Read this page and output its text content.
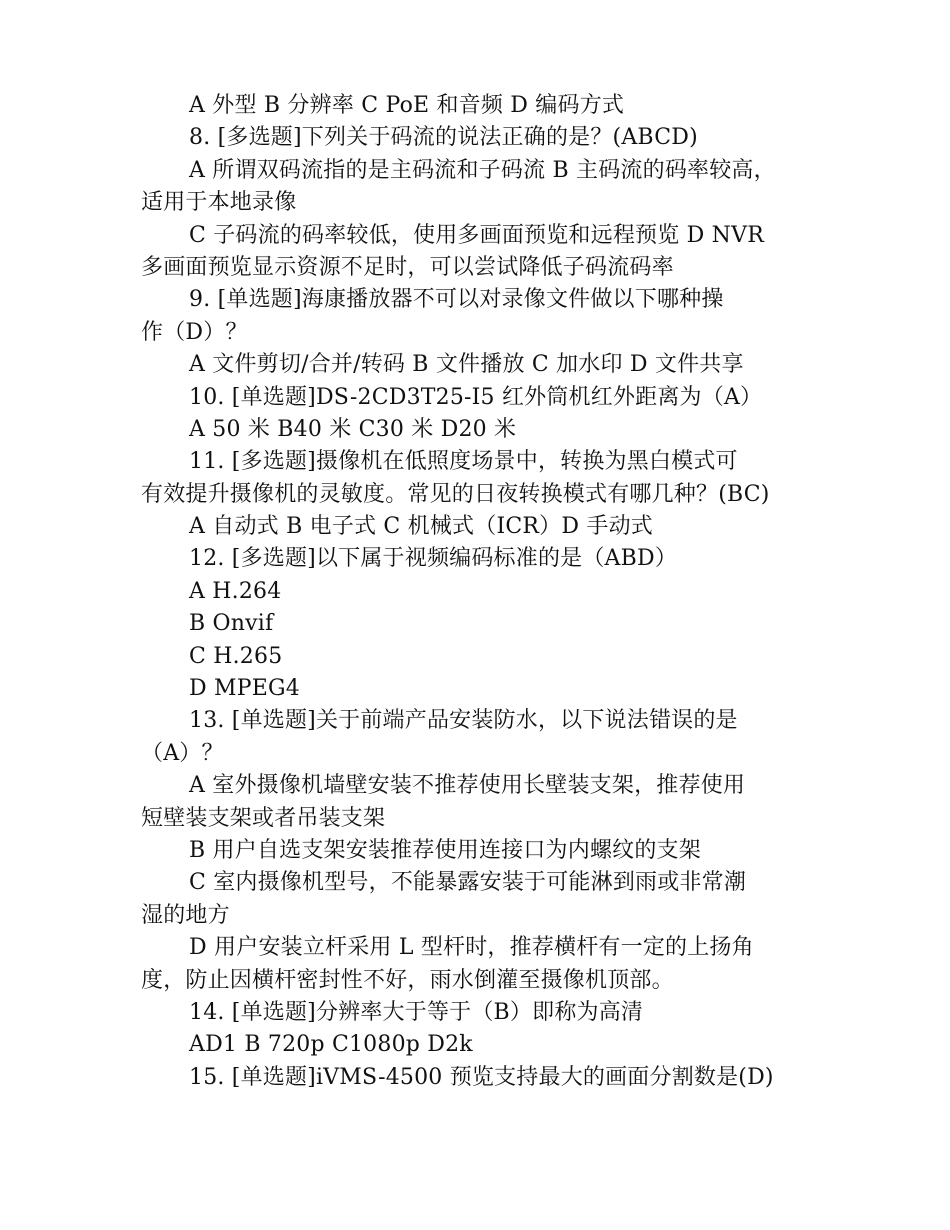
A 外型 B 分辨率 C PoE 和音频 D 编码方式
8. [多选题]下列关于码流的说法正确的是？(ABCD)
A 所谓双码流指的是主码流和子码流 B 主码流的码率较高，
适用于本地录像
C 子码流的码率较低，使用多画面预览和远程预览 D NVR
多画面预览显示资源不足时，可以尝试降低子码流码率
9. [单选题]海康播放器不可以对录像文件做以下哪种操
作（D）？
A 文件剪切/合并/转码 B 文件播放 C 加水印 D 文件共享
10. [单选题]DS-2CD3T25-I5 红外筒机红外距离为（A）
A 50 米 B40 米 C30 米 D20 米
11. [多选题]摄像机在低照度场景中，转换为黑白模式可
有效提升摄像机的灵敏度。常见的日夜转换模式有哪几种？(BC)
A 自动式 B 电子式 C 机械式（ICR）D 手动式
12. [多选题]以下属于视频编码标准的是（ABD）
A H.264
B Onvif
C H.265
D MPEG4
13. [单选题]关于前端产品安装防水，以下说法错误的是
（A）？
A 室外摄像机墙壁安装不推荐使用长壁装支架，推荐使用
短壁装支架或者吊装支架
B 用户自选支架安装推荐使用连接口为内螺纹的支架
C 室内摄像机型号，不能暴露安装于可能淋到雨或非常潮
湿的地方
D 用户安装立杆采用 L 型杆时，推荐横杆有一定的上扬角
度，防止因横杆密封性不好，雨水倒灌至摄像机顶部。
14. [单选题]分辨率大于等于（B）即称为高清
AD1 B 720p C1080p D2k
15. [单选题]iVMS-4500 预览支持最大的画面分割数是(D)
